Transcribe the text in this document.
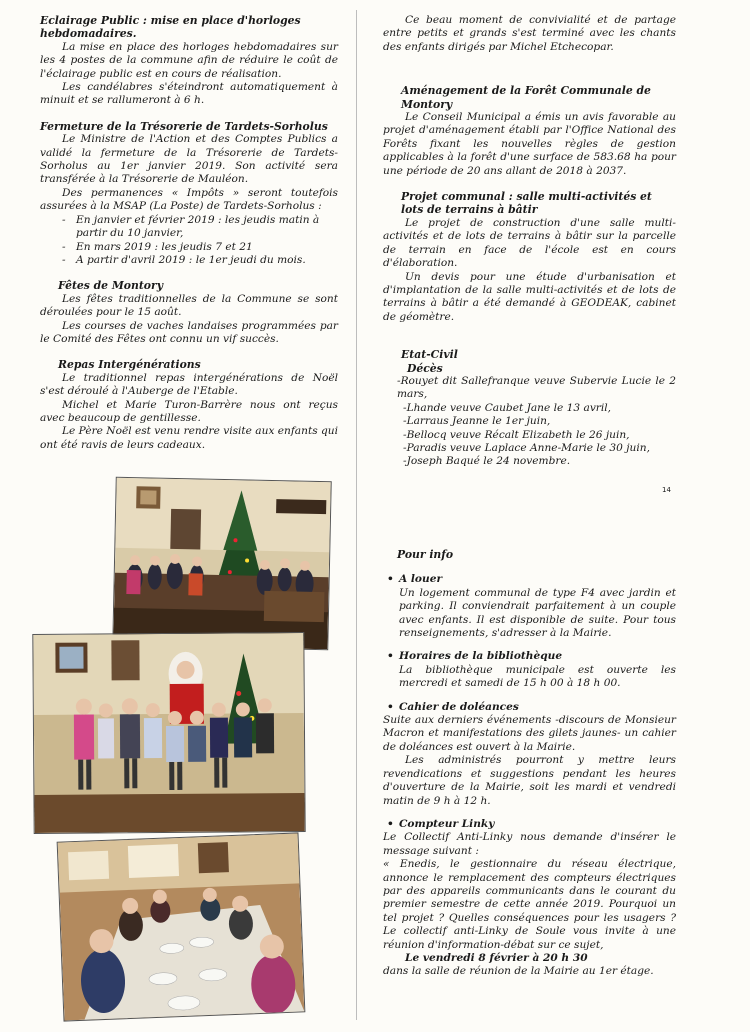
Eclairage Public : mise en place d'horloges hebdomadaires.

La mise en place des horloges hebdomadaires sur les 4 postes de la commune afin de réduire le coût de l'éclairage public est en cours de réalisation.

Les candélabres s'éteindront automatiquement à minuit et se rallumeront à 6 h.

Fermeture de la Trésorerie de Tardets-Sorholus

Le Ministre de l'Action et des Comptes Publics a validé la fermeture de la Trésorerie de Tardets-Sorholus au 1er janvier 2019. Son activité sera transférée à la Trésorerie de Mauléon.

Des permanences « Impôts » seront toutefois assurées à la MSAP (La Poste) de Tardets-Sorholus :

- En janvier et février 2019 : les jeudis matin à partir du 10 janvier,
- En mars 2019 : les jeudis 7 et 21
- A partir d'avril 2019 : le 1er jeudi du mois.
Fêtes de Montory

Les fêtes traditionnelles de la Commune se sont déroulées pour le 15 août.

Les courses de vaches landaises programmées par le Comité des Fêtes ont connu un vif succès.

Repas Intergénérations

Le traditionnel repas intergénérations de Noël s'est déroulé à l'Auberge de l'Etable.

Michel et Marie Turon-Barrère nous ont reçus avec beaucoup de gentillesse.

Le Père Noël est venu rendre visite aux enfants qui ont été ravis de leurs cadeaux.

14

Ce beau moment de convivialité et de partage entre petits et grands s'est terminé avec les chants des enfants dirigés par Michel Etchecopar.

Aménagement de la Forêt Communale de Montory

Le Conseil Municipal a émis un avis favorable au projet d'aménagement établi par l'Office National des Forêts fixant les nouvelles règles de gestion applicables à la forêt d'une surface de 583.68 ha pour une période de 20 ans allant de 2018 à 2037.

Projet communal : salle multi-activités et lots de terrains à bâtir

Le projet de construction d'une salle multi-activités et de lots de terrains à bâtir sur la parcelle de terrain en face de l'école est en cours d'élaboration.

Un devis pour une étude d'urbanisation et d'implantation de la salle multi-activités et de lots de terrains à bâtir a été demandé à GEODEAK, cabinet de géomètre.

Etat-Civil
Décès

-Rouyet dit Sallefranque veuve Subervie Lucie le 2 mars,

-Lhande veuve Caubet Jane le 13 avril,
-Larraus Jeanne le 1er juin,
-Bellocq veuve Récalt Elizabeth le 26 juin,
-Paradis veuve Laplace Anne-Marie le 30 juin,
-Joseph Baqué le 24 novembre.
Pour info
• A louer

Un logement communal de type F4 avec jardin et parking. Il conviendrait parfaitement à un couple avec enfants. Il est disponible de suite. Pour tous renseignements, s'adresser à la Mairie.

• Horaires de la bibliothèque

La bibliothèque municipale est ouverte les mercredi et samedi de 15 h 00 à 18 h 00.

• Cahier de doléances

Suite aux derniers événements -discours de Monsieur Macron et manifestations des gilets jaunes- un cahier de doléances est ouvert à la Mairie.

Les administrés pourront y mettre leurs revendications et suggestions pendant les heures d'ouverture de la Mairie, soit les mardi et vendredi matin de 9 h à 12 h.

• Compteur Linky

Le Collectif Anti-Linky nous demande d'insérer le message suivant :

« Enedis, le gestionnaire du réseau électrique, annonce le remplacement des compteurs électriques par des appareils communicants dans le courant du premier semestre de cette année 2019. Pourquoi un tel projet ? Quelles conséquences pour les usagers ? Le collectif anti-Linky de Soule vous invite à une réunion d'information-débat sur ce sujet,

Le vendredi 8 février à 20 h 30

dans la salle de réunion de la Mairie au 1er étage.
